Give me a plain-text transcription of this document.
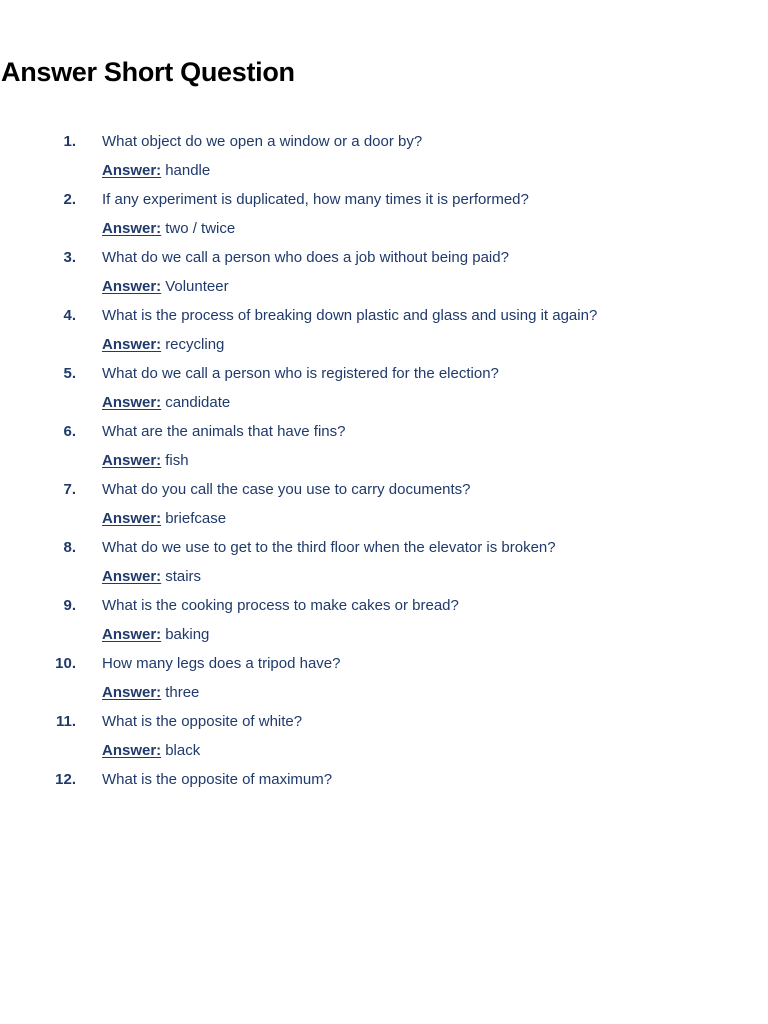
Answer Short Question
1. What object do we open a window or a door by?
Answer: handle
2. If any experiment is duplicated, how many times it is performed?
Answer: two / twice
3. What do we call a person who does a job without being paid?
Answer: Volunteer
4. What is the process of breaking down plastic and glass and using it again?
Answer: recycling
5. What do we call a person who is registered for the election?
Answer: candidate
6. What are the animals that have fins?
Answer: fish
7. What do you call the case you use to carry documents?
Answer: briefcase
8. What do we use to get to the third floor when the elevator is broken?
Answer: stairs
9. What is the cooking process to make cakes or bread?
Answer: baking
10. How many legs does a tripod have?
Answer: three
11. What is the opposite of white?
Answer: black
12. What is the opposite of maximum?
